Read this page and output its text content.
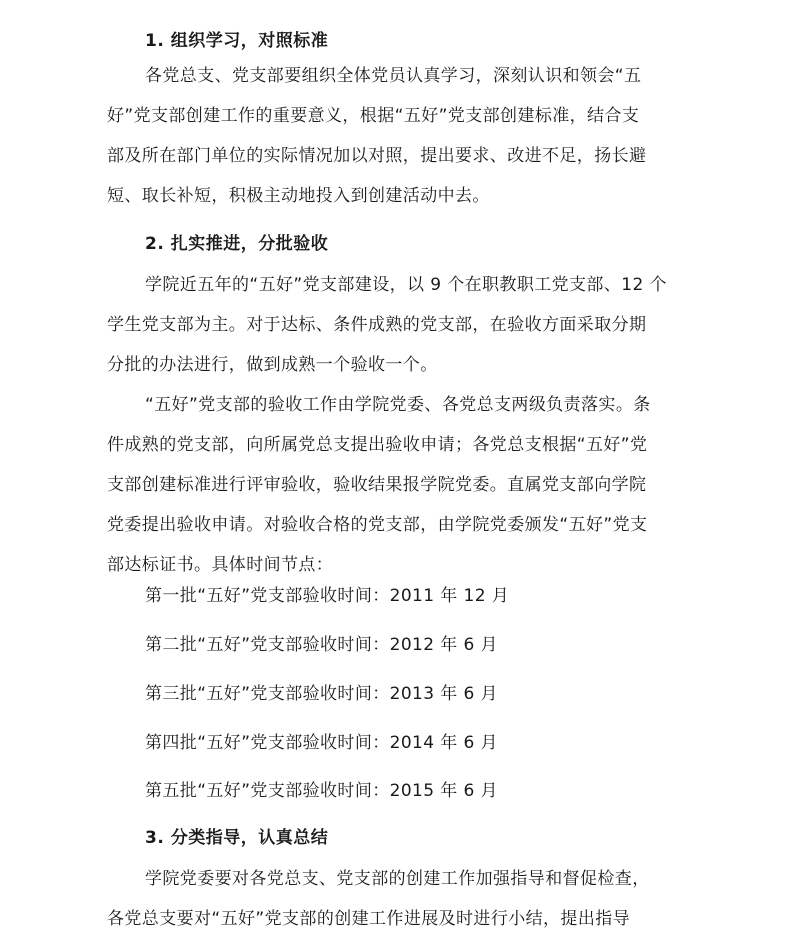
1. 组织学习，对照标准
各党总支、党支部要组织全体党员认真学习，深刻认识和领会“五
好”党支部创建工作的重要意义，根据“五好”党支部创建标准，结合支
部及所在部门单位的实际情况加以对照，提出要求、改进不足，扬长避
短、取长补短，积极主动地投入到创建活动中去。
2. 扎实推进，分批验收
学院近五年的“五好”党支部建设，以 9 个在职教职工党支部、12 个
学生党支部为主。对于达标、条件成熟的党支部，在验收方面采取分期
分批的办法进行，做到成熟一个验收一个。
“五好”党支部的验收工作由学院党委、各党总支两级负责落实。条
件成熟的党支部，向所属党总支提出验收申请；各党总支根据“五好”党
支部创建标准进行评审验收，验收结果报学院党委。直属党支部向学院
党委提出验收申请。对验收合格的党支部，由学院党委颁发“五好”党支
部达标证书。具体时间节点：
第一批“五好”党支部验收时间：2011 年 12 月
第二批“五好”党支部验收时间：2012 年 6 月
第三批“五好”党支部验收时间：2013 年 6 月
第四批“五好”党支部验收时间：2014 年 6 月
第五批“五好”党支部验收时间：2015 年 6 月
3. 分类指导，认真总结
学院党委要对各党总支、党支部的创建工作加强指导和督促检查，
各党总支要对“五好”党支部的创建工作进展及时进行小结，提出指导
